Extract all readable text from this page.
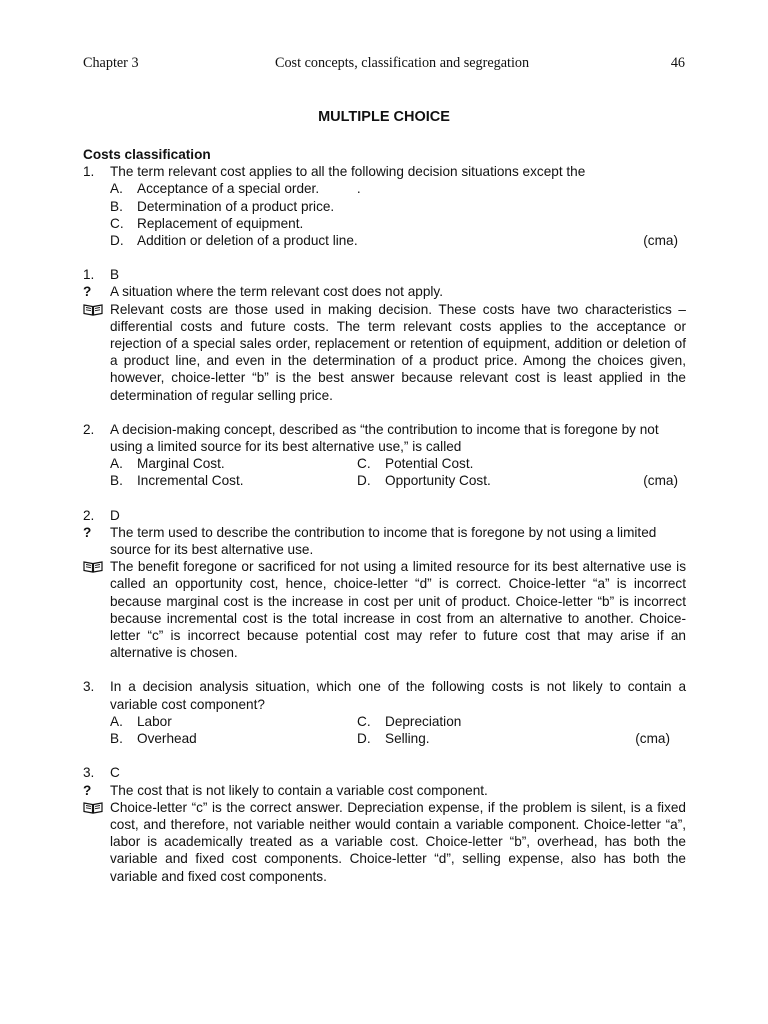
Chapter 3	Cost concepts, classification and segregation	46
MULTIPLE CHOICE
Costs classification
1.	The term relevant cost applies to all the following decision situations except the
A.	Acceptance of a special order.          .
B.	Determination of a product price.
C. Replacement of equipment.
D. Addition or deletion of a product line.	(cma)
1.	B
?	A situation where the term relevant cost does not apply.
Relevant costs are those used in making decision. These costs have two characteristics – differential costs and future costs. The term relevant costs applies to the acceptance or rejection of a special sales order, replacement or retention of equipment, addition or deletion of a product line, and even in the determination of a product price. Among the choices given, however, choice-letter “b” is the best answer because relevant cost is least applied in the determination of regular selling price.
2.	A decision-making concept, described as “the contribution to income that is foregone by not using a limited source for its best alternative use,” is called
A.	Marginal Cost.	C.	Potential Cost.
B.	Incremental Cost.	D.	Opportunity Cost.	(cma)
2.	D
?	The term used to describe the contribution to income that is foregone by not using a limited source for its best alternative use.
The benefit foregone or sacrificed for not using a limited resource for its best alternative use is called an opportunity cost, hence, choice-letter “d” is correct. Choice-letter “a” is incorrect because marginal cost is the increase in cost per unit of product. Choice-letter “b” is incorrect because incremental cost is the total increase in cost from an alternative to another. Choice-letter “c” is incorrect because potential cost may refer to future cost that may arise if an alternative is chosen.
3.	In a decision analysis situation, which one of the following costs is not likely to contain a variable cost component?
A.	Labor	C.	Depreciation
B.	Overhead	D.	Selling.	(cma)
3.	C
?	The cost that is not likely to contain a variable cost component.
Choice-letter “c” is the correct answer. Depreciation expense, if the problem is silent, is a fixed cost, and therefore, not variable neither would contain a variable component. Choice-letter “a”, labor is academically treated as a variable cost. Choice-letter “b”, overhead, has both the variable and fixed cost components. Choice-letter “d”, selling expense, also has both the variable and fixed cost components.
